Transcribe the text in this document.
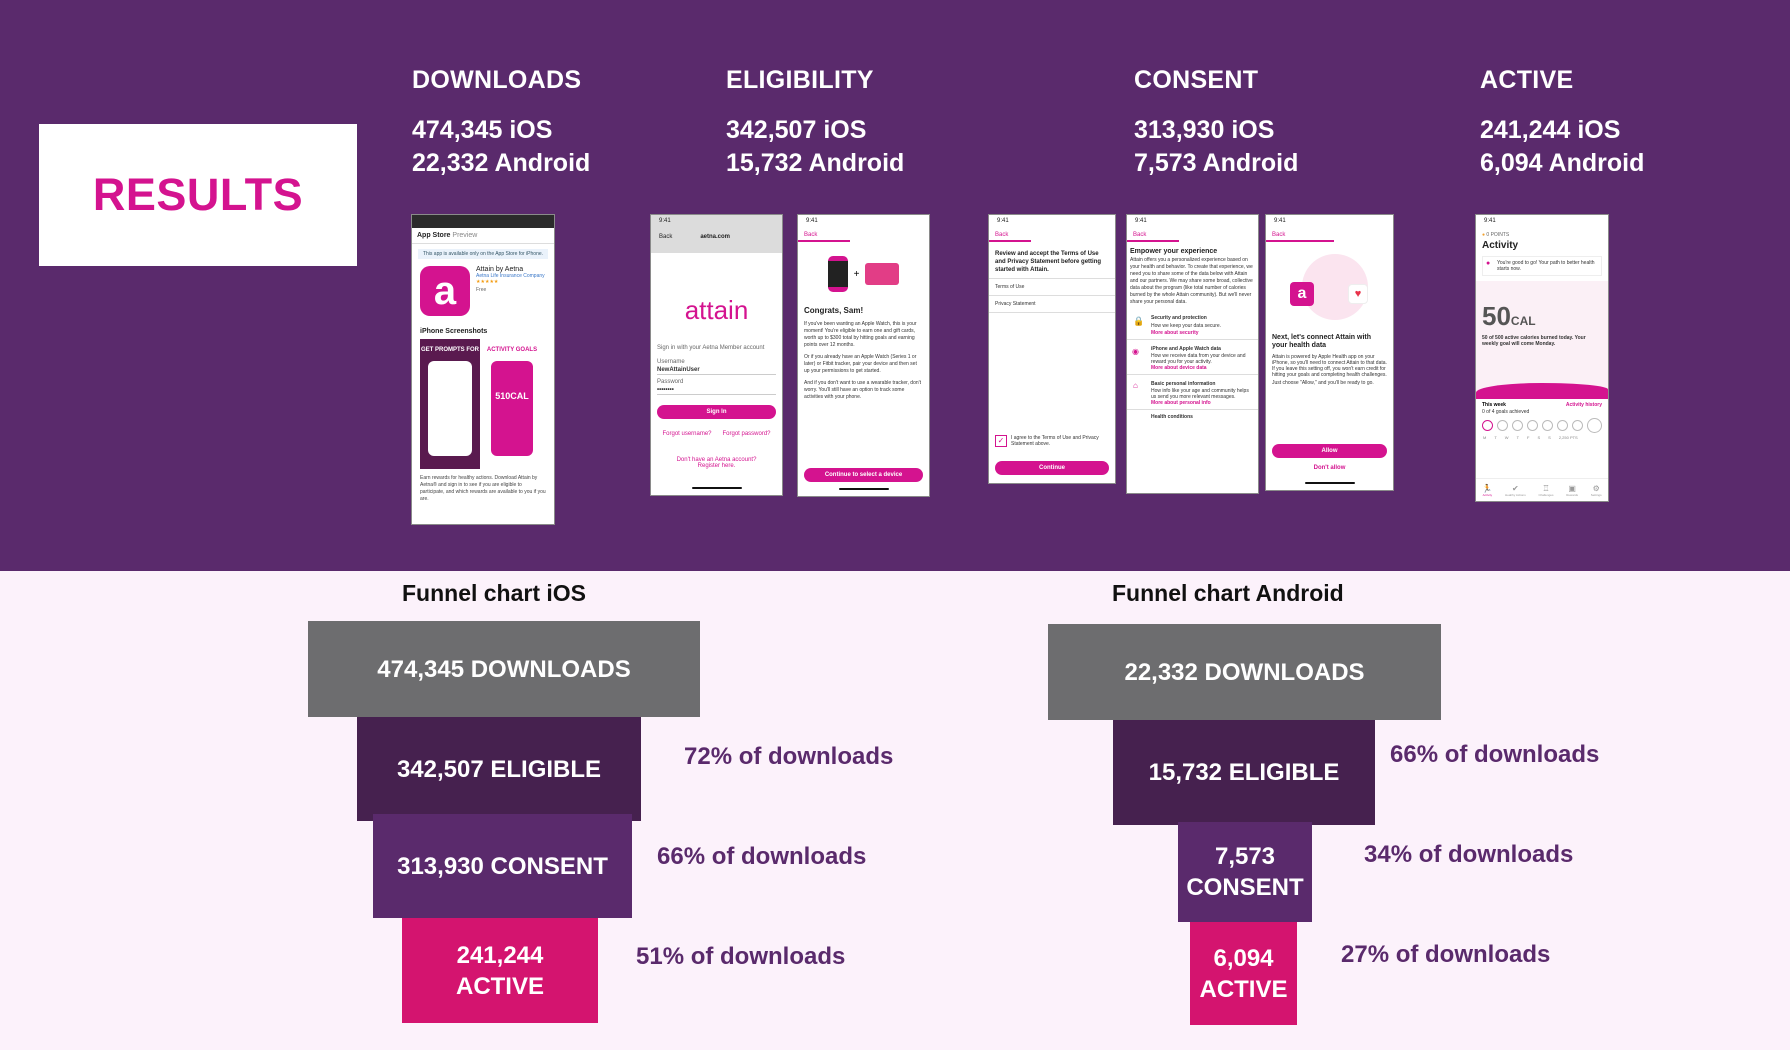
RESULTS
DOWNLOADS
474,345 iOS
22,332 Android
ELIGIBILITY
342,507 iOS
15,732 Android
CONSENT
313,930 iOS
7,573 Android
ACTIVE
241,244 iOS
6,094 Android
App Store Preview
This app is available only on the App Store for iPhone.
a	Attain by Aetna
Aetna Life Insurance Company
★★★★★
Free
iPhone Screenshots
GET PROMPTS FOR ACTIVITY GOALS
510CAL
Earn rewards for healthy actions. Download Attain by Aetna® and sign in to see if you are eligible to participate, and which rewards are available to you if you are.
9:41
Back	aetna.com
attain
Sign in with your Aetna Member account
Username
NewAttainUser
Password
••••••••
Sign In
Forgot username? Forgot password?
Don't have an Aetna account?
Register here.
9:41
Back
+
Congrats, Sam!
If you've been wanting an Apple Watch, this is your moment! You're eligible to earn one and gift cards, worth up to $300 total by hitting goals and earning points over 12 months.
Or if you already have an Apple Watch (Series 1 or later) or Fitbit tracker, pair your device and then set up your permissions to get started.
And if you don't want to use a wearable tracker, don't worry. You'll still have an option to track some activities with your phone.
Continue to select a device
9:41
Back
Review and accept the Terms of Use and Privacy Statement before getting started with Attain.
Terms of Use
Privacy Statement
✓	I agree to the Terms of Use and Privacy Statement above.
Continue
9:41
Back
Empower your experience
Attain offers you a personalized experience based on your health and behavior. To create that experience, we need you to share some of the data below with Attain and our partners. We may share some broad, collective data about the program (like total number of calories burned by the whole Attain community). But we'll never share your personal data.
🔒 Security and protection
How we keep your data secure.
More about security
◉ iPhone and Apple Watch data
How we receive data from your device and reward you for your activity.
More about device data
⌂	Basic personal information
How info like your age and community helps us send you more relevant messages.
More about personal info
Health conditions
9:41
Back
a	♥
Next, let's connect Attain with your health data
Attain is powered by Apple Health app on your iPhone, so you'll need to connect Attain to that data. If you leave this setting off, you won't earn credit for hitting your goals and completing health challenges.
Just choose "Allow," and you'll be ready to go.
Allow
Don't allow
9:41
● 0 POINTS
Activity
● You're good to go! Your path to better health starts now.
50CAL
50 of 500 active calories burned today. Your weekly goal will come Monday.
This week	Activity history
0 of 4 goals achieved
M T W T F S S 2,250 PTS
🏃
Activity
✔
Healthy Actions
♖
Challenges
▣
Rewards
⚙
Settings
Funnel chart iOS
474,345 DOWNLOADS
342,507 ELIGIBLE	72% of downloads
313,930 CONSENT	66% of downloads
241,244 ACTIVE
51% of downloads
Funnel chart Android
22,332 DOWNLOADS
15,732 ELIGIBLE
66% of downloads
7,573 CONSENT
34% of downloads
6,094 ACTIVE
27% of downloads
